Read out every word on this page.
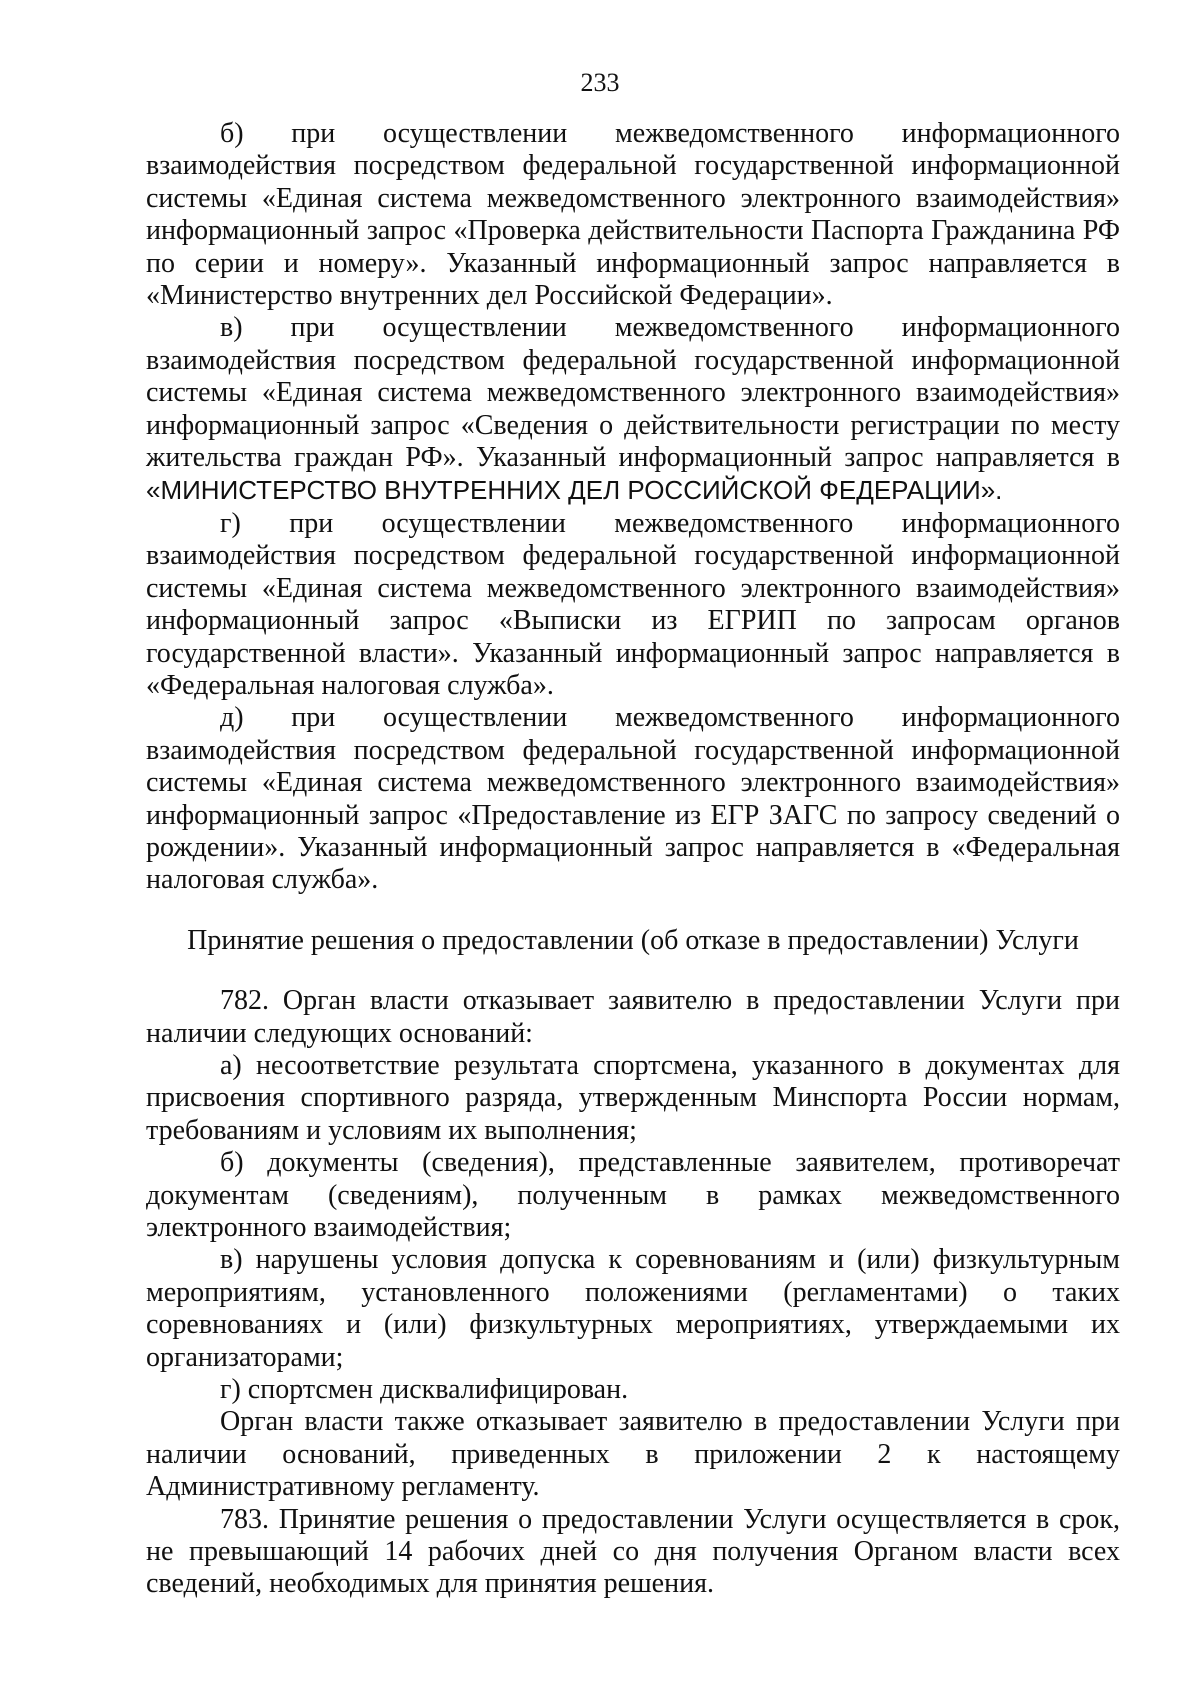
233

б) при осуществлении межведомственного информационного взаимодействия посредством федеральной государственной информационной системы «Единая система межведомственного электронного взаимодействия» информационный запрос «Проверка действительности Паспорта Гражданина РФ по серии и номеру». Указанный информационный запрос направляется в «Министерство внутренних дел Российской Федерации».

в) при осуществлении межведомственного информационного взаимодействия посредством федеральной государственной информационной системы «Единая система межведомственного электронного взаимодействия» информационный запрос «Сведения о действительности регистрации по месту жительства граждан РФ». Указанный информационный запрос направляется в «МИНИСТЕРСТВО ВНУТРЕННИХ ДЕЛ РОССИЙСКОЙ ФЕДЕРАЦИИ».

г) при осуществлении межведомственного информационного взаимодействия посредством федеральной государственной информационной системы «Единая система межведомственного электронного взаимодействия» информационный запрос «Выписки из ЕГРИП по запросам органов государственной власти». Указанный информационный запрос направляется в «Федеральная налоговая служба».

д) при осуществлении межведомственного информационного взаимодействия посредством федеральной государственной информационной системы «Единая система межведомственного электронного взаимодействия» информационный запрос «Предоставление из ЕГР ЗАГС по запросу сведений о рождении». Указанный информационный запрос направляется в «Федеральная налоговая служба».

Принятие решения о предоставлении (об отказе в предоставлении) Услуги

782. Орган власти отказывает заявителю в предоставлении Услуги при наличии следующих оснований:

а) несоответствие результата спортсмена, указанного в документах для присвоения спортивного разряда, утвержденным Минспорта России нормам, требованиям и условиям их выполнения;

б) документы (сведения), представленные заявителем, противоречат документам (сведениям), полученным в рамках межведомственного электронного взаимодействия;

в) нарушены условия допуска к соревнованиям и (или) физкультурным мероприятиям, установленного положениями (регламентами) о таких соревнованиях и (или) физкультурных мероприятиях, утверждаемыми их организаторами;

г) спортсмен дисквалифицирован.

Орган власти также отказывает заявителю в предоставлении Услуги при наличии оснований, приведенных в приложении 2 к настоящему Административному регламенту.

783. Принятие решения о предоставлении Услуги осуществляется в срок, не превышающий 14 рабочих дней со дня получения Органом власти всех сведений, необходимых для принятия решения.
